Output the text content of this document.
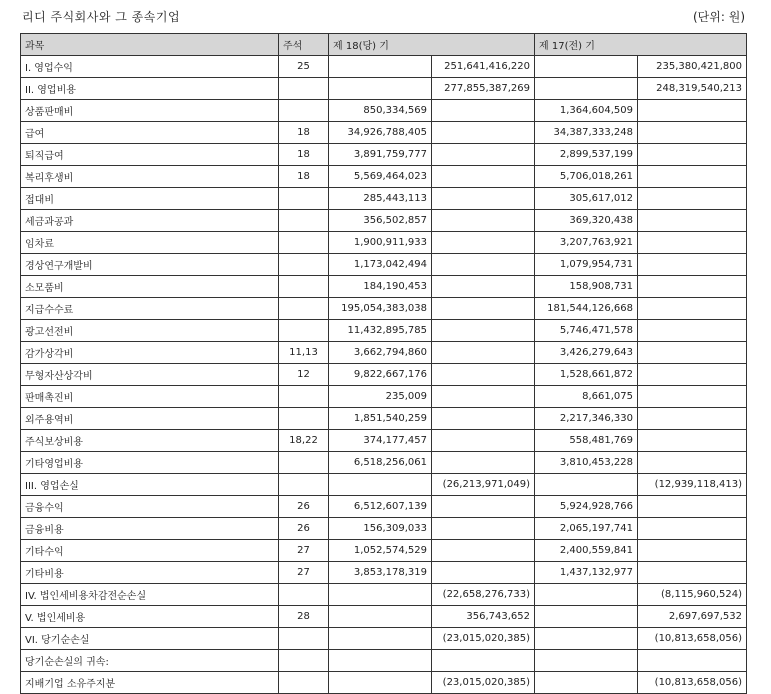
리디 주식회사와 그 종속기업	(단위: 원)
과목	주석	제 18(당) 기		제 17(전) 기	
I. 영업수익	25		251,641,416,220		235,380,421,800
II. 영업비용			277,855,387,269		248,319,540,213
상품판매비		850,334,569		1,364,604,509	
급여	18	34,926,788,405		34,387,333,248	
퇴직급여	18	3,891,759,777		2,899,537,199	
복리후생비	18	5,569,464,023		5,706,018,261	
접대비		285,443,113		305,617,012	
세금과공과		356,502,857		369,320,438	
임차료		1,900,911,933		3,207,763,921	
경상연구개발비		1,173,042,494		1,079,954,731	
소모품비		184,190,453		158,908,731	
지급수수료		195,054,383,038		181,544,126,668	
광고선전비		11,432,895,785		5,746,471,578	
감가상각비	11,13	3,662,794,860		3,426,279,643	
무형자산상각비	12	9,822,667,176		1,528,661,872	
판매촉진비		235,009		8,661,075	
외주용역비		1,851,540,259		2,217,346,330	
주식보상비용	18,22	374,177,457		558,481,769	
기타영업비용		6,518,256,061		3,810,453,228	
III. 영업손실			(26,213,971,049)		(12,939,118,413)
금융수익	26	6,512,607,139		5,924,928,766	
금융비용	26	156,309,033		2,065,197,741	
기타수익	27	1,052,574,529		2,400,559,841	
기타비용	27	3,853,178,319		1,437,132,977	
IV. 법인세비용차감전순손실			(22,658,276,733)		(8,115,960,524)
V. 법인세비용	28		356,743,652		2,697,697,532
VI. 당기순손실			(23,015,020,385)		(10,813,658,056)
당기순손실의 귀속:					
지배기업 소유주지분			(23,015,020,385)		(10,813,658,056)
